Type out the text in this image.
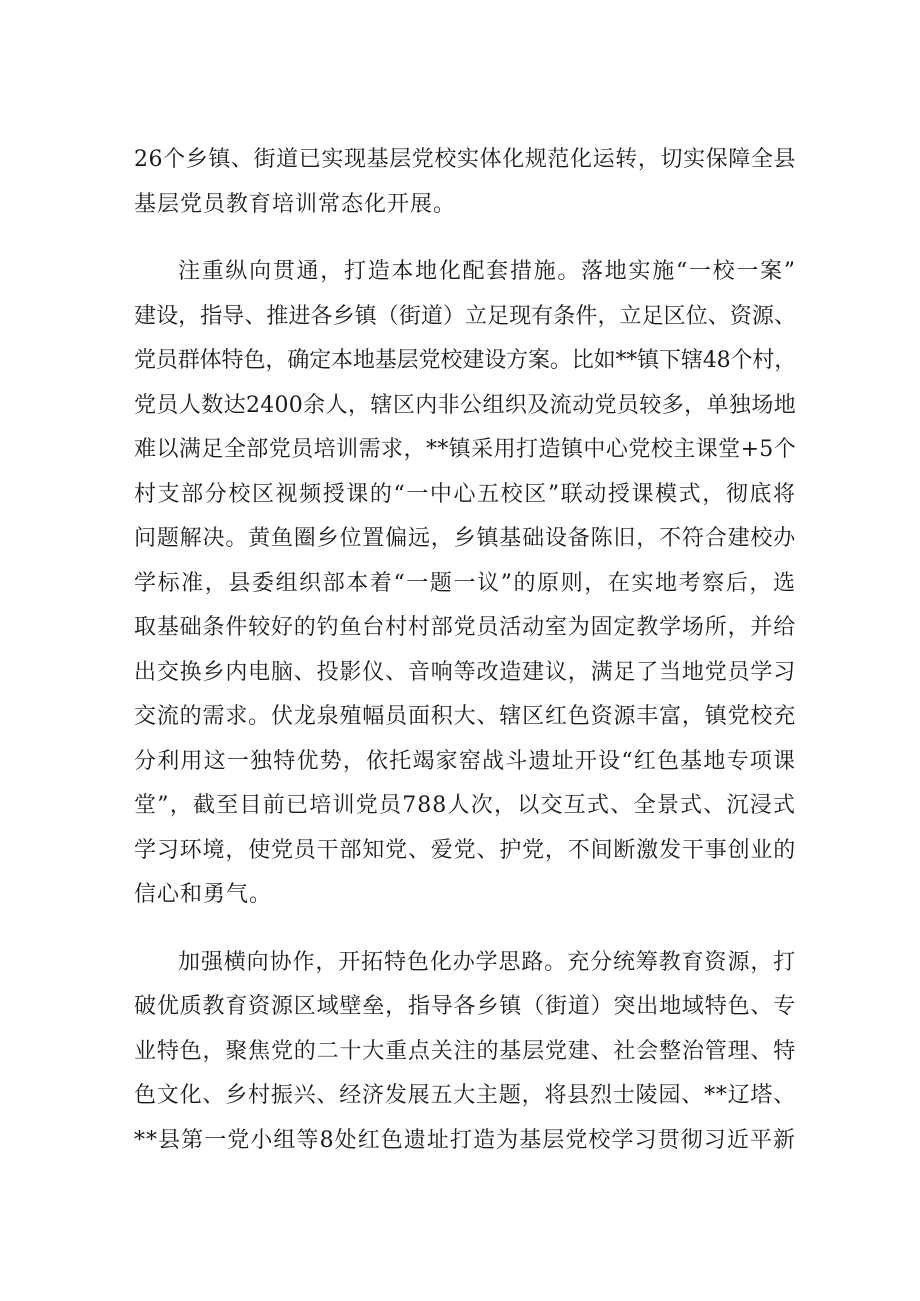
26个乡镇、街道已实现基层党校实体化规范化运转，切实保障全县
基层党员教育培训常态化开展。
注重纵向贯通，打造本地化配套措施。落地实施“一校一案”
建设，指导、推进各乡镇（街道）立足现有条件，立足区位、资源、
党员群体特色，确定本地基层党校建设方案。比如**镇下辖48个村，
党员人数达2400余人，辖区内非公组织及流动党员较多，单独场地
难以满足全部党员培训需求，**镇采用打造镇中心党校主课堂+5个
村支部分校区视频授课的“一中心五校区”联动授课模式，彻底将
问题解决。黄鱼圈乡位置偏远，乡镇基础设备陈旧，不符合建校办
学标准，县委组织部本着“一题一议”的原则，在实地考察后，选
取基础条件较好的钓鱼台村村部党员活动室为固定教学场所，并给
出交换乡内电脑、投影仪、音响等改造建议，满足了当地党员学习
交流的需求。伏龙泉殖幅员面积大、辖区红色资源丰富，镇党校充
分利用这一独特优势，依托竭家窑战斗遗址开设“红色基地专项课
堂”，截至目前已培训党员788人次，以交互式、全景式、沉浸式
学习环境，使党员干部知党、爱党、护党，不间断激发干事创业的
信心和勇气。
加强横向协作，开拓特色化办学思路。充分统筹教育资源，打
破优质教育资源区域壁垒，指导各乡镇（街道）突出地域特色、专
业特色，聚焦党的二十大重点关注的基层党建、社会整治管理、特
色文化、乡村振兴、经济发展五大主题，将县烈士陵园、**辽塔、
**县第一党小组等8处红色遗址打造为基层党校学习贯彻习近平新
